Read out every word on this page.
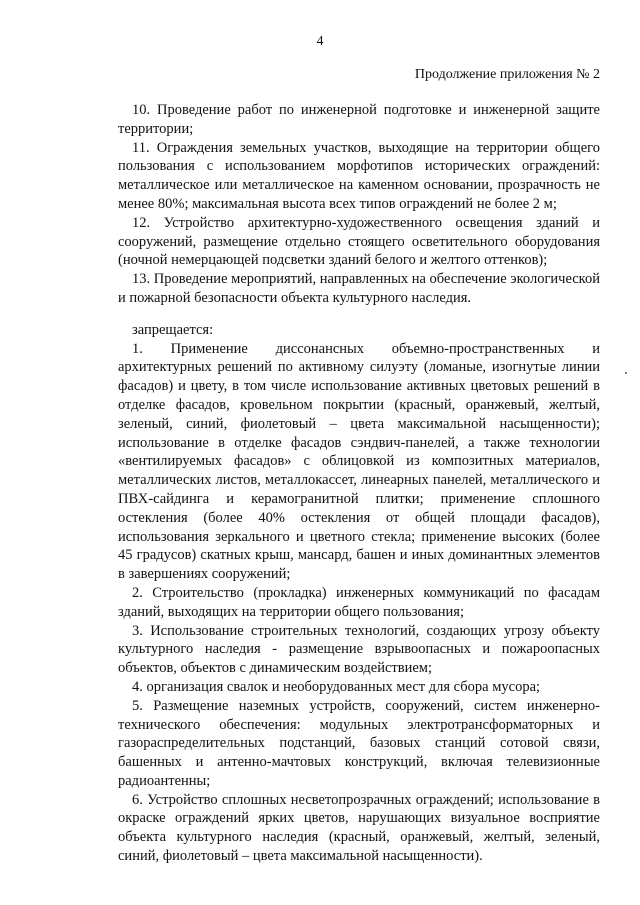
4
Продолжение приложения № 2

10. Проведение работ по инженерной подготовке и инженерной защите территории;

11. Ограждения земельных участков, выходящие на территории общего пользования с использованием морфотипов исторических ограждений: металлическое или металлическое на каменном основании, прозрачность не менее 80%; максимальная высота всех типов ограждений не более 2 м;

12. Устройство архитектурно-художественного освещения зданий и сооружений, размещение отдельно стоящего осветительного оборудования (ночной немерцающей подсветки зданий белого и желтого оттенков);

13. Проведение мероприятий, направленных на обеспечение экологической и пожарной безопасности объекта культурного наследия.

запрещается:

1. Применение диссонансных объемно-пространственных и архитектурных решений по активному силуэту (ломаные, изогнутые линии фасадов) и цвету, в том числе использование активных цветовых решений в отделке фасадов, кровельном покрытии (красный, оранжевый, желтый, зеленый, синий, фиолетовый – цвета максимальной насыщенности); использование в отделке фасадов сэндвич-панелей, а также технологии «вентилируемых фасадов» с облицовкой из композитных материалов, металлических листов, металлокассет, линеарных панелей, металлического и ПВХ-сайдинга и керамогранитной плитки; применение сплошного остекления (более 40% остекления от общей площади фасадов), использования зеркального и цветного стекла; применение высоких (более 45 градусов) скатных крыш, мансард, башен и иных доминантных элементов в завершениях сооружений;

2. Строительство (прокладка) инженерных коммуникаций по фасадам зданий, выходящих на территории общего пользования;

3. Использование строительных технологий, создающих угрозу объекту культурного наследия - размещение взрывоопасных и пожароопасных объектов, объектов с динамическим воздействием;

4. организация свалок и необорудованных мест для сбора мусора;

5. Размещение наземных устройств, сооружений, систем инженерно-технического обеспечения: модульных электротрансформаторных и газораспределительных подстанций, базовых станций сотовой связи, башенных и антенно-мачтовых конструкций, включая телевизионные радиоантенны;

6. Устройство сплошных несветопрозрачных ограждений; использование в окраске ограждений ярких цветов, нарушающих визуальное восприятие объекта культурного наследия (красный, оранжевый, желтый, зеленый, синий, фиолетовый – цвета максимальной насыщенности).
